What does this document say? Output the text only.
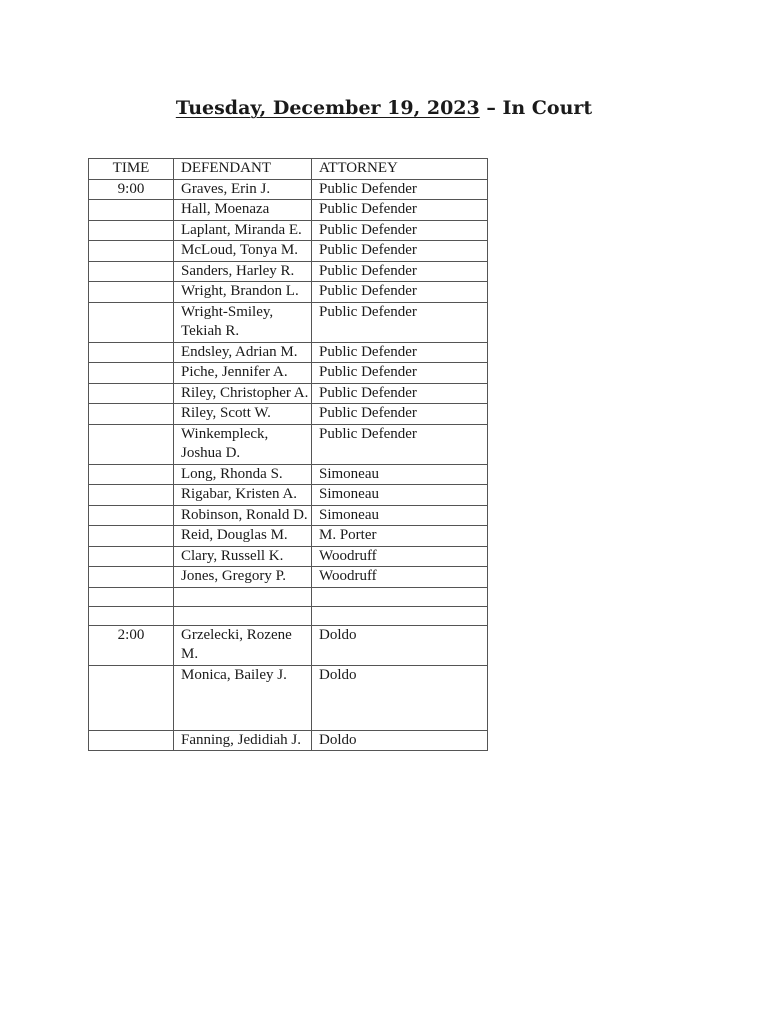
Tuesday, December 19, 2023 – In Court
TIME	DEFENDANT	ATTORNEY
9:00	Graves, Erin J.	Public Defender
	Hall, Moenaza	Public Defender
	Laplant, Miranda E.	Public Defender
	McLoud, Tonya M.	Public Defender
	Sanders, Harley R.	Public Defender
	Wright, Brandon L.	Public Defender
	Wright-Smiley, Tekiah R.	Public Defender
	Endsley, Adrian M.	Public Defender
	Piche, Jennifer A.	Public Defender
	Riley, Christopher A.	Public Defender
	Riley, Scott W.	Public Defender
	Winkempleck, Joshua D.	Public Defender
	Long, Rhonda S.	Simoneau
	Rigabar, Kristen A.	Simoneau
	Robinson, Ronald D.	Simoneau
	Reid, Douglas M.	M. Porter
	Clary, Russell K.	Woodruff
	Jones, Gregory P.	Woodruff

2:00	Grzelecki, Rozene M.	Doldo
	Monica, Bailey J.	Doldo
	Fanning, Jedidiah J.	Doldo
